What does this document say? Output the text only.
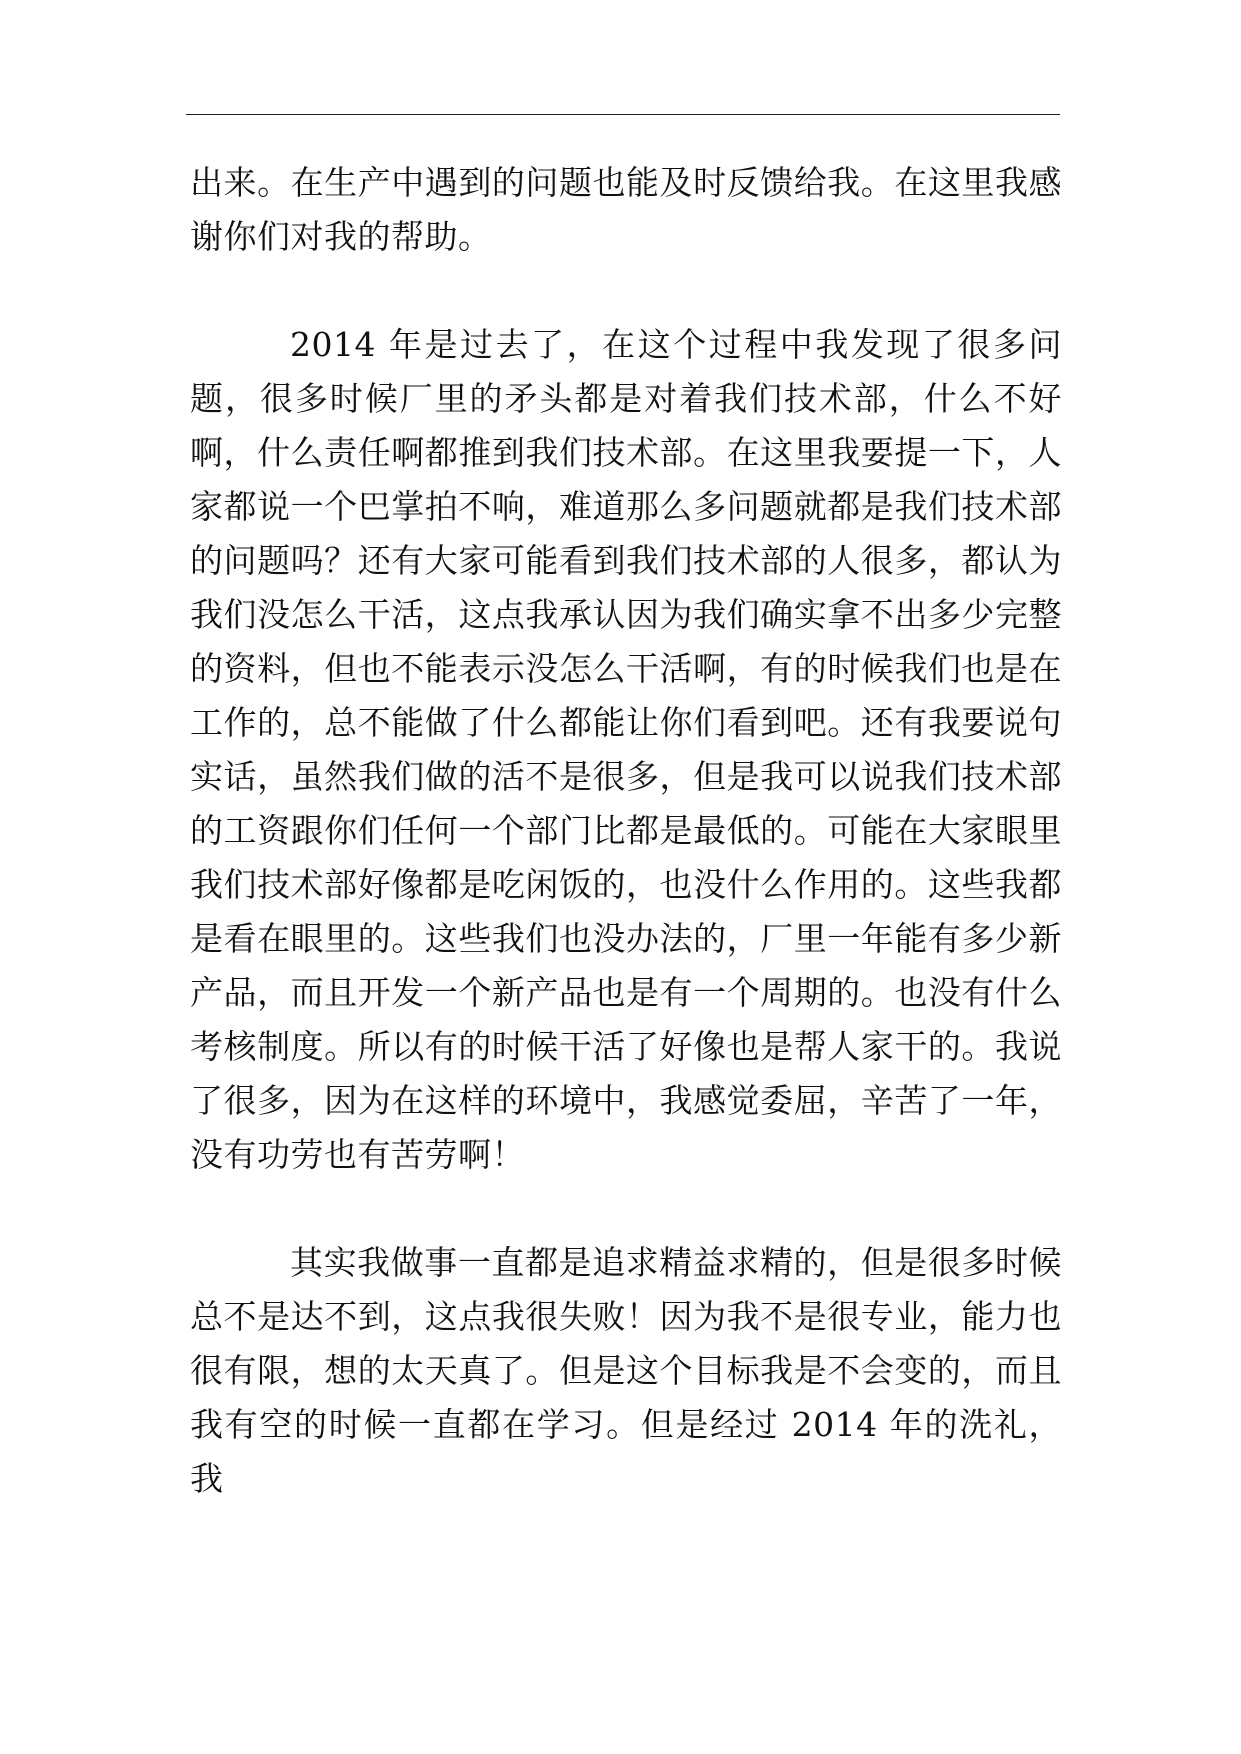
出来。在生产中遇到的问题也能及时反馈给我。在这里我感谢你们对我的帮助。

2014 年是过去了，在这个过程中我发现了很多问题，很多时候厂里的矛头都是对着我们技术部，什么不好啊，什么责任啊都推到我们技术部。在这里我要提一下，人家都说一个巴掌拍不响，难道那么多问题就都是我们技术部的问题吗？还有大家可能看到我们技术部的人很多，都认为我们没怎么干活，这点我承认因为我们确实拿不出多少完整的资料，但也不能表示没怎么干活啊，有的时候我们也是在工作的，总不能做了什么都能让你们看到吧。还有我要说句实话，虽然我们做的活不是很多，但是我可以说我们技术部的工资跟你们任何一个部门比都是最低的。可能在大家眼里我们技术部好像都是吃闲饭的，也没什么作用的。这些我都是看在眼里的。这些我们也没办法的，厂里一年能有多少新产品，而且开发一个新产品也是有一个周期的。也没有什么考核制度。所以有的时候干活了好像也是帮人家干的。我说了很多，因为在这样的环境中，我感觉委屈，辛苦了一年，没有功劳也有苦劳啊！

其实我做事一直都是追求精益求精的，但是很多时候总不是达不到，这点我很失败！因为我不是很专业，能力也很有限，想的太天真了。但是这个目标我是不会变的，而且我有空的时候一直都在学习。但是经过 2014 年的洗礼，我
